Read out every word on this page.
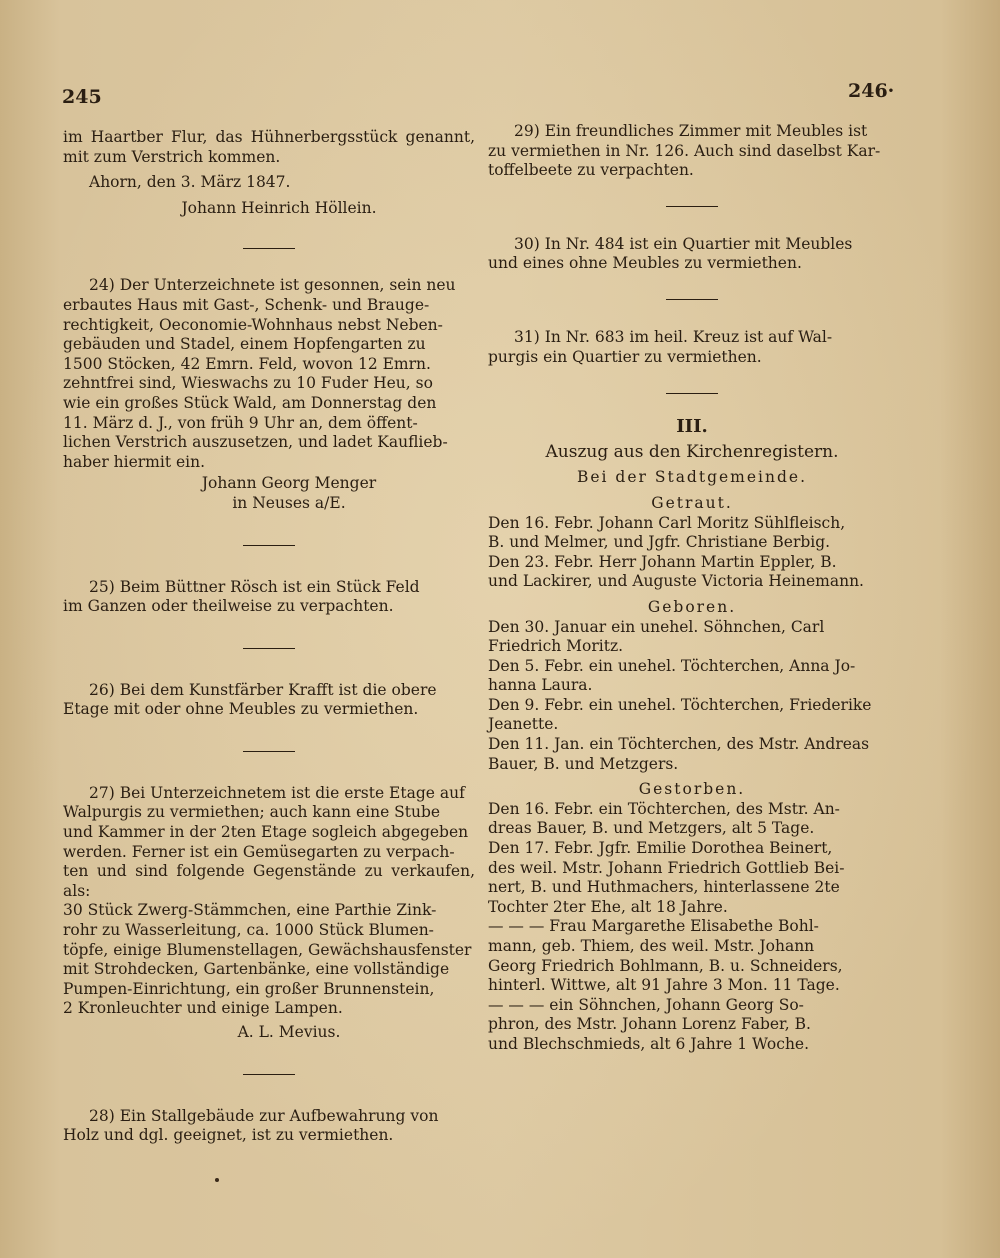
245	246·

im Haartber Flur, das Hühnerbergsstück genannt, mit zum Verstrich kommen.

Ahorn, den 3. März 1847.

Johann Heinrich Höllein.

24) Der Unterzeichnete ist gesonnen, sein neu

erbautes Haus mit Gast-, Schenk- und Brauge-

rechtigkeit, Oeconomie-Wohnhaus nebst Neben-

gebäuden und Stadel, einem Hopfengarten zu

1500 Stöcken, 42 Emrn. Feld, wovon 12 Emrn.

zehntfrei sind, Wieswachs zu 10 Fuder Heu, so

wie ein großes Stück Wald, am Donnerstag den

11. März d. J., von früh 9 Uhr an, dem öffent-

lichen Verstrich auszusetzen, und ladet Kauflieb-

haber hiermit ein.

Johann Georg Menger

in Neuses a/E.

25) Beim Büttner Rösch ist ein Stück Feld

im Ganzen oder theilweise zu verpachten.

26) Bei dem Kunstfärber Krafft ist die obere

Etage mit oder ohne Meubles zu vermiethen.

27) Bei Unterzeichnetem ist die erste Etage auf

Walpurgis zu vermiethen; auch kann eine Stube

und Kammer in der 2ten Etage sogleich abgegeben

werden. Ferner ist ein Gemüsegarten zu verpach-

ten und sind folgende Gegenstände zu verkaufen, als:

30 Stück Zwerg-Stämmchen, eine Parthie Zink-

rohr zu Wasserleitung, ca. 1000 Stück Blumen-

töpfe, einige Blumenstellagen, Gewächshausfenster

mit Strohdecken, Gartenbänke, eine vollständige

Pumpen-Einrichtung, ein großer Brunnenstein,

2 Kronleuchter und einige Lampen.

A. L. Mevius.

28) Ein Stallgebäude zur Aufbewahrung von

Holz und dgl. geeignet, ist zu vermiethen.

29) Ein freundliches Zimmer mit Meubles ist

zu vermiethen in Nr. 126. Auch sind daselbst Kar-

toffelbeete zu verpachten.

30) In Nr. 484 ist ein Quartier mit Meubles

und eines ohne Meubles zu vermiethen.

31) In Nr. 683 im heil. Kreuz ist auf Wal-

purgis ein Quartier zu vermiethen.

III.

Auszug aus den Kirchenregistern.

Bei der Stadtgemeinde.

Getraut.

Den 16. Febr. Johann Carl Moritz Sühlfleisch,

B. und Melmer, und Jgfr. Christiane Berbig.

Den 23. Febr. Herr Johann Martin Eppler, B.

und Lackirer, und Auguste Victoria Heinemann.

Geboren.

Den 30. Januar ein unehel. Söhnchen, Carl

Friedrich Moritz.

Den 5. Febr. ein unehel. Töchterchen, Anna Jo-

hanna Laura.

Den 9. Febr. ein unehel. Töchterchen, Friederike

Jeanette.

Den 11. Jan. ein Töchterchen, des Mstr. Andreas

Bauer, B. und Metzgers.

Gestorben.

Den 16. Febr. ein Töchterchen, des Mstr. An-

dreas Bauer, B. und Metzgers, alt 5 Tage.

Den 17. Febr. Jgfr. Emilie Dorothea Beinert,

des weil. Mstr. Johann Friedrich Gottlieb Bei-

nert, B. und Huthmachers, hinterlassene 2te

Tochter 2ter Ehe, alt 18 Jahre.

— — — Frau Margarethe Elisabethe Bohl-

mann, geb. Thiem, des weil. Mstr. Johann

Georg Friedrich Bohlmann, B. u. Schneiders,

hinterl. Wittwe, alt 91 Jahre 3 Mon. 11 Tage.

— — — ein Söhnchen, Johann Georg So-

phron, des Mstr. Johann Lorenz Faber, B.

und Blechschmieds, alt 6 Jahre 1 Woche.
